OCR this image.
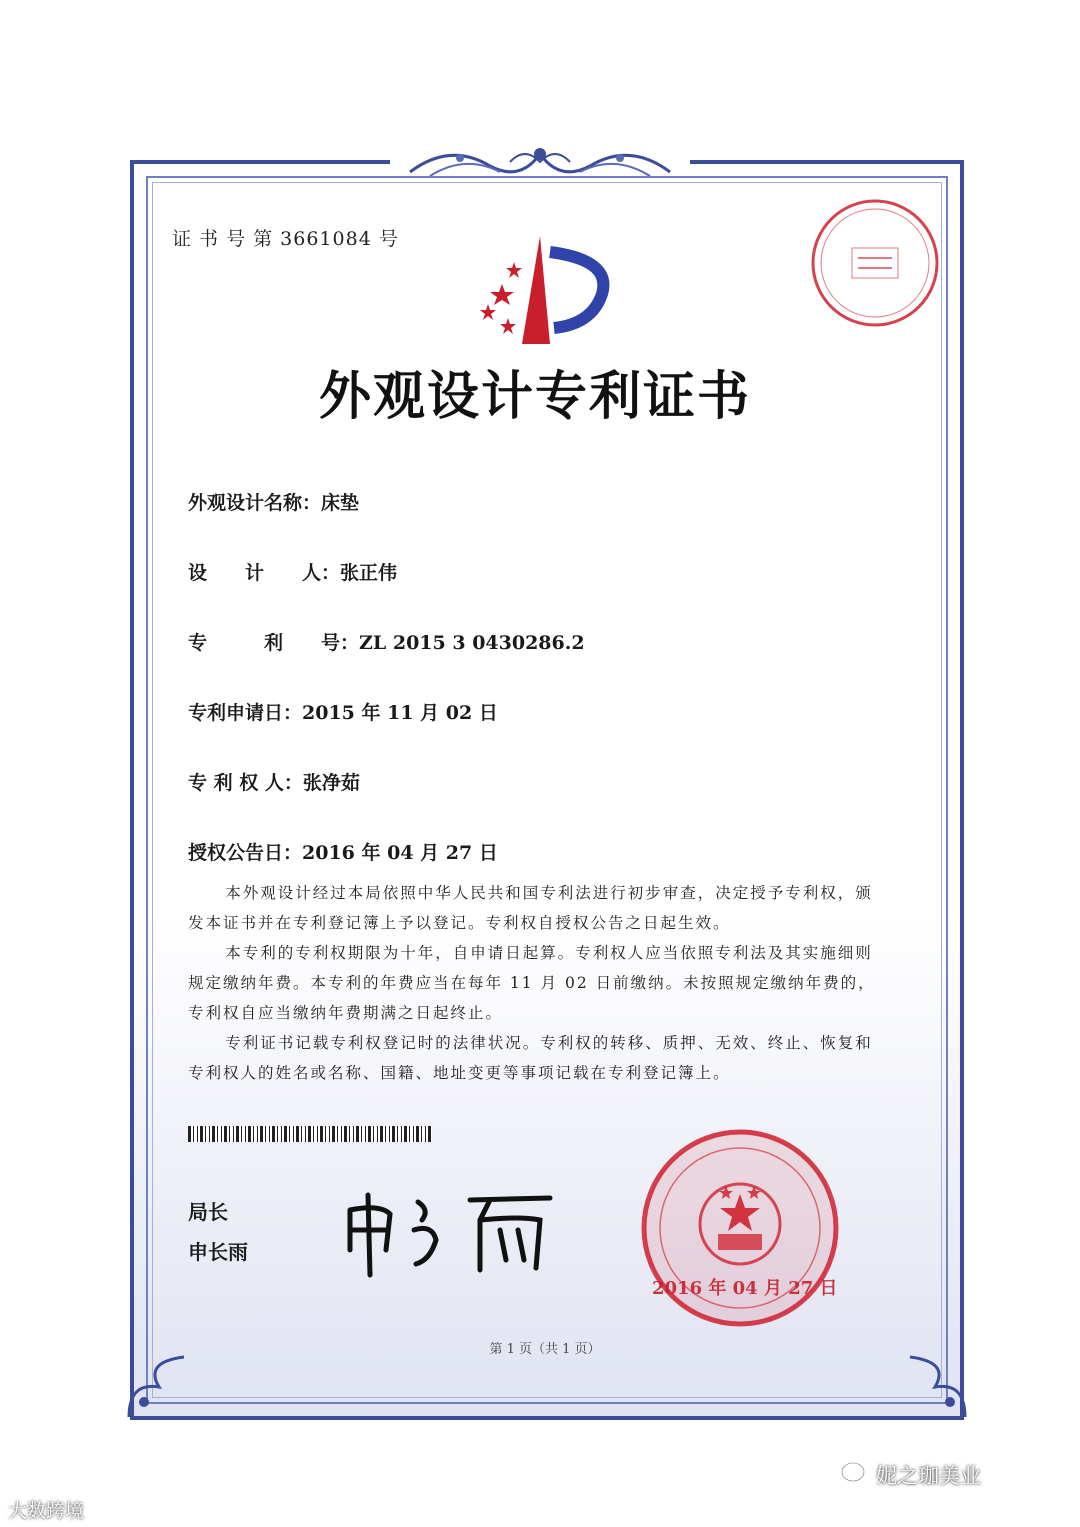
证 书 号 第 3661084 号
外观设计专利证书
外观设计名称：床垫
设　　计　　人：张正伟
专　　　利　　号：ZL 2015 3 0430286.2
专利申请日：2015 年 11 月 02 日
专 利 权 人：张净茹
授权公告日：2016 年 04 月 27 日

本外观设计经过本局依照中华人民共和国专利法进行初步审查，决定授予专利权，颁发本证书并在专利登记簿上予以登记。专利权自授权公告之日起生效。

本专利的专利权期限为十年，自申请日起算。专利权人应当依照专利法及其实施细则规定缴纳年费。本专利的年费应当在每年 11 月 02 日前缴纳。未按照规定缴纳年费的，专利权自应当缴纳年费期满之日起终止。

专利证书记载专利权登记时的法律状况。专利权的转移、质押、无效、终止、恢复和专利权人的姓名或名称、国籍、地址变更等事项记载在专利登记簿上。

局长
申长雨
2016 年 04 月 27 日
第 1 页（共 1 页）
妮之珈美业
大数跨境
